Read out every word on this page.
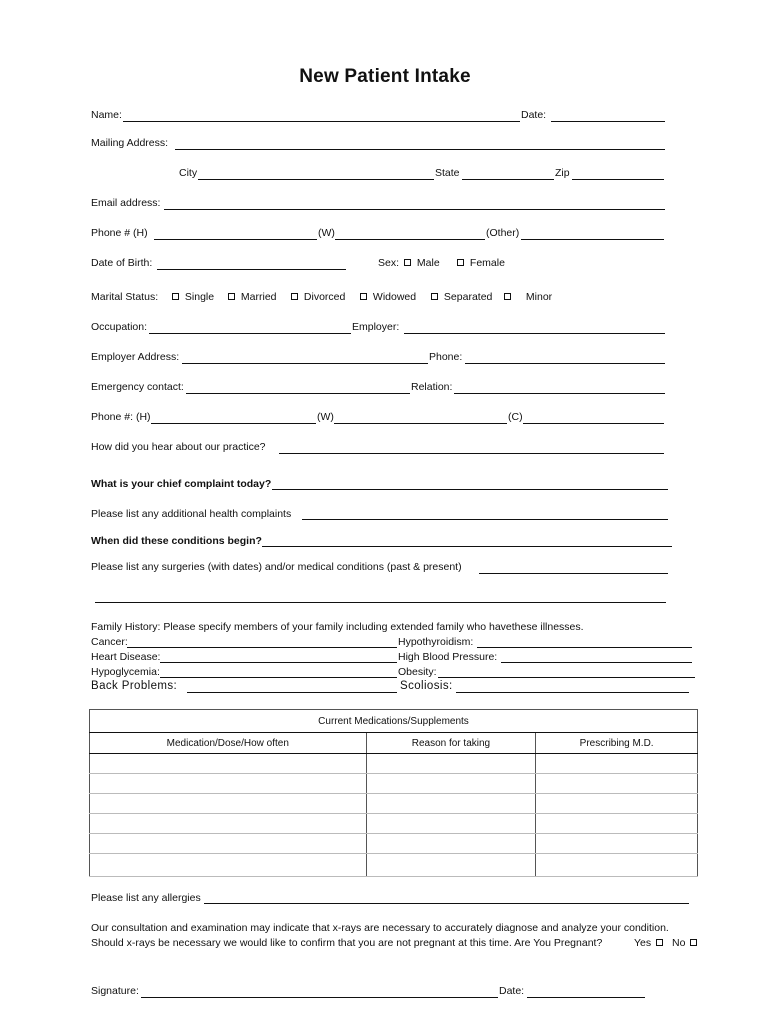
New Patient Intake
Name:	Date:
Mailing Address:
City	State	Zip
Email address:
Phone # (H)	(W)	(Other)
Date of Birth:	Sex:	Male	Female
Marital Status:	Single	Married	Divorced	Widowed	Separated	Minor
Occupation:	Employer:
Employer Address:	Phone:
Emergency contact:	Relation:
Phone #: (H)	(W)	(C)
How did you hear about our practice?
What is your chief complaint today?
Please list any additional health complaints
When did these conditions begin?
Please list any surgeries (with dates) and/or medical conditions (past & present)
Family History: Please specify members of your family including extended family who havethese illnesses.
Cancer:	Hypothyroidism:
Heart Disease:	High Blood Pressure:
Hypoglycemia:	Obesity:
Back Problems:	Scoliosis:
Current Medications/Supplements		
Medication/Dose/How often	Reason for taking	Prescribing M.D.

Please list any allergies
Our consultation and examination may indicate that x-rays are necessary to accurately diagnose and analyze your condition.
Should x-rays be necessary we would like to confirm that you are not pregnant at this time. Are You Pregnant?	Yes	No
Signature:	Date:
